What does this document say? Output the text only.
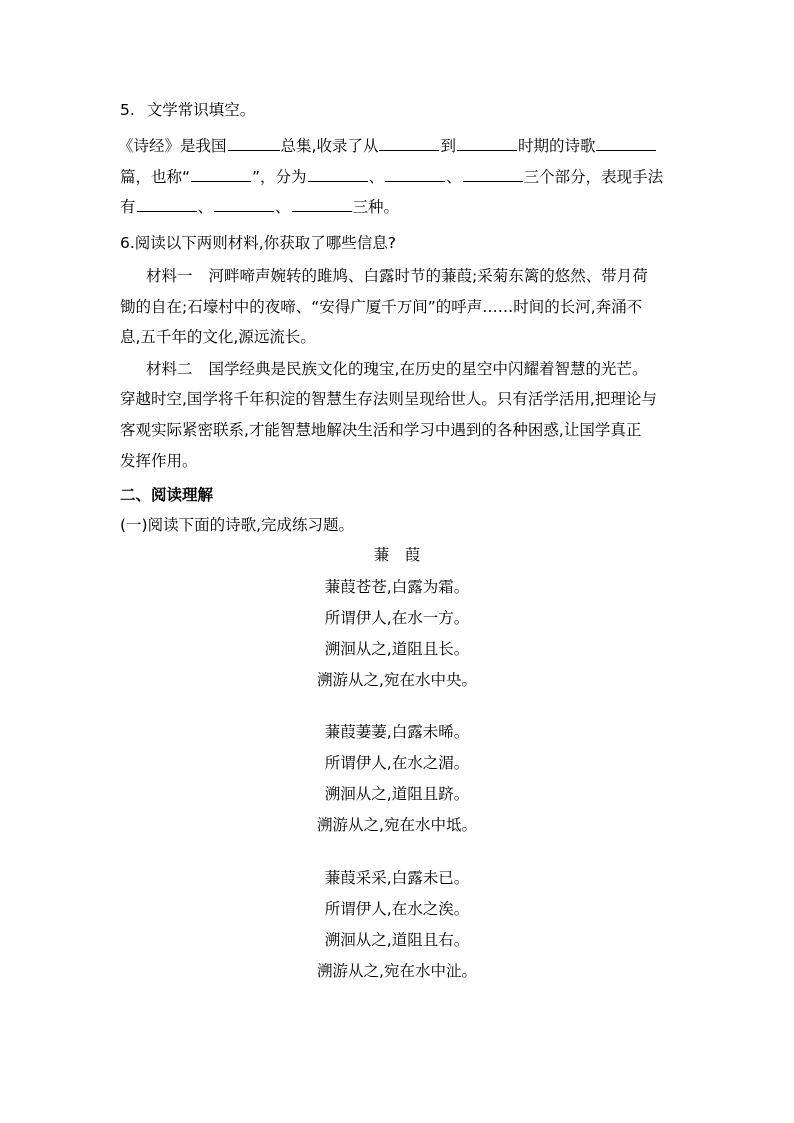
5. 文学常识填空。
《诗经》是我国	总集,收录了从	到	时期的诗歌
篇，也称“	”，分为	、	、	三个部分，表现手法
有	、	、	三种。
6.阅读以下两则材料,你获取了哪些信息?
材料一 河畔啼声婉转的雎鸠、白露时节的蒹葭;采菊东篱的悠然、带月荷
锄的自在;石壕村中的夜啼、“安得广厦千万间”的呼声……时间的长河,奔涌不
息,五千年的文化,源远流长。
材料二 国学经典是民族文化的瑰宝,在历史的星空中闪耀着智慧的光芒。
穿越时空,国学将千年积淀的智慧生存法则呈现给世人。只有活学活用,把理论与
客观实际紧密联系,才能智慧地解决生活和学习中遇到的各种困惑,让国学真正
发挥作用。
二、阅读理解
(一)阅读下面的诗歌,完成练习题。
蒹　葭
蒹葭苍苍,白露为霜。
所谓伊人,在水一方。
溯洄从之,道阻且长。
溯游从之,宛在水中央。
蒹葭萋萋,白露未晞。
所谓伊人,在水之湄。
溯洄从之,道阻且跻。
溯游从之,宛在水中坻。
蒹葭采采,白露未已。
所谓伊人,在水之涘。
溯洄从之,道阻且右。
溯游从之,宛在水中沚。
